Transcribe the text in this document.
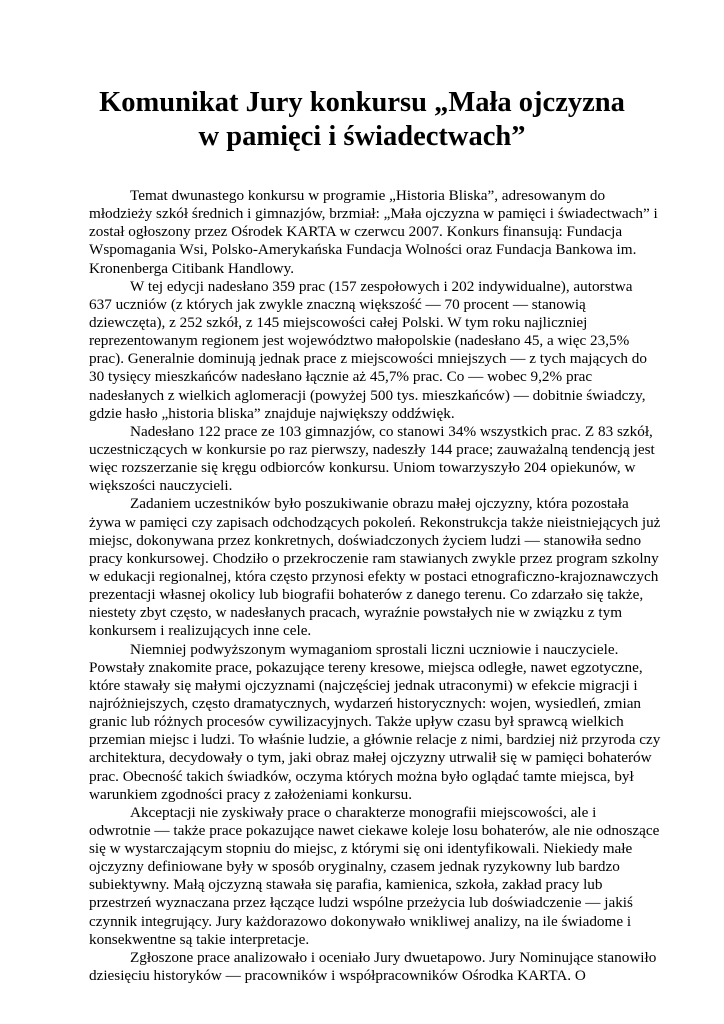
Komunikat Jury konkursu „Mała ojczyzna
w pamięci i świadectwach”
Temat dwunastego konkursu w programie „Historia Bliska”, adresowanym do
młodzieży szkół średnich i gimnazjów, brzmiał: „Mała ojczyzna w pamięci i świadectwach” i
został ogłoszony przez Ośrodek KARTA w czerwcu 2007. Konkurs finansują: Fundacja
Wspomagania Wsi, Polsko-Amerykańska Fundacja Wolności oraz Fundacja Bankowa im.
Kronenberga Citibank Handlowy.
W tej edycji nadesłano 359 prac (157 zespołowych i 202 indywidualne), autorstwa
637 uczniów (z których jak zwykle znaczną większość — 70 procent — stanowią
dziewczęta), z 252 szkół, z 145 miejscowości całej Polski. W tym roku najliczniej
reprezentowanym regionem jest województwo małopolskie (nadesłano 45, a więc 23,5%
prac). Generalnie dominują jednak prace z miejscowości mniejszych — z tych mających do
30 tysięcy mieszkańców nadesłano łącznie aż 45,7% prac. Co — wobec 9,2% prac
nadesłanych z wielkich aglomeracji (powyżej 500 tys. mieszkańców) — dobitnie świadczy,
gdzie hasło „historia bliska” znajduje największy oddźwięk.
Nadesłano 122 prace ze 103 gimnazjów, co stanowi 34% wszystkich prac. Z 83 szkół,
uczestniczących w konkursie po raz pierwszy, nadeszły 144 prace; zauważalną tendencją jest
więc rozszerzanie się kręgu odbiorców konkursu. Uniom towarzyszyło 204 opiekunów, w
większości nauczycieli.
Zadaniem uczestników było poszukiwanie obrazu małej ojczyzny, która pozostała
żywa w pamięci czy zapisach odchodzących pokoleń. Rekonstrukcja także nieistniejących już
miejsc, dokonywana przez konkretnych, doświadczonych życiem ludzi — stanowiła sedno
pracy konkursowej. Chodziło o przekroczenie ram stawianych zwykle przez program szkolny
w edukacji regionalnej, która często przynosi efekty w postaci etnograficzno-krajoznawczych
prezentacji własnej okolicy lub biografii bohaterów z danego terenu. Co zdarzało się także,
niestety zbyt często, w nadesłanych pracach, wyraźnie powstałych nie w związku z tym
konkursem i realizujących inne cele.
Niemniej podwyższonym wymaganiom sprostali liczni uczniowie i nauczyciele.
Powstały znakomite prace, pokazujące tereny kresowe, miejsca odległe, nawet egzotyczne,
które stawały się małymi ojczyznami (najczęściej jednak utraconymi) w efekcie migracji i
najróżniejszych, często dramatycznych, wydarzeń historycznych: wojen, wysiedleń, zmian
granic lub różnych procesów cywilizacyjnych. Także upływ czasu był sprawcą wielkich
przemian miejsc i ludzi. To właśnie ludzie, a głównie relacje z nimi, bardziej niż przyroda czy
architektura, decydowały o tym, jaki obraz małej ojczyzny utrwalił się w pamięci bohaterów
prac. Obecność takich świadków, oczyma których można było oglądać tamte miejsca, był
warunkiem zgodności pracy z założeniami konkursu.
Akceptacji nie zyskiwały prace o charakterze monografii miejscowości, ale i
odwrotnie — także prace pokazujące nawet ciekawe koleje losu bohaterów, ale nie odnoszące
się w wystarczającym stopniu do miejsc, z którymi się oni identyfikowali. Niekiedy małe
ojczyzny definiowane były w sposób oryginalny, czasem jednak ryzykowny lub bardzo
subiektywny. Małą ojczyzną stawała się parafia, kamienica, szkoła, zakład pracy lub
przestrzeń wyznaczana przez łączące ludzi wspólne przeżycia lub doświadczenie — jakiś
czynnik integrujący. Jury każdorazowo dokonywało wnikliwej analizy, na ile świadome i
konsekwentne są takie interpretacje.
Zgłoszone prace analizowało i oceniało Jury dwuetapowo. Jury Nominujące stanowiło
dziesięciu historyków — pracowników i współpracowników Ośrodka KARTA. O
